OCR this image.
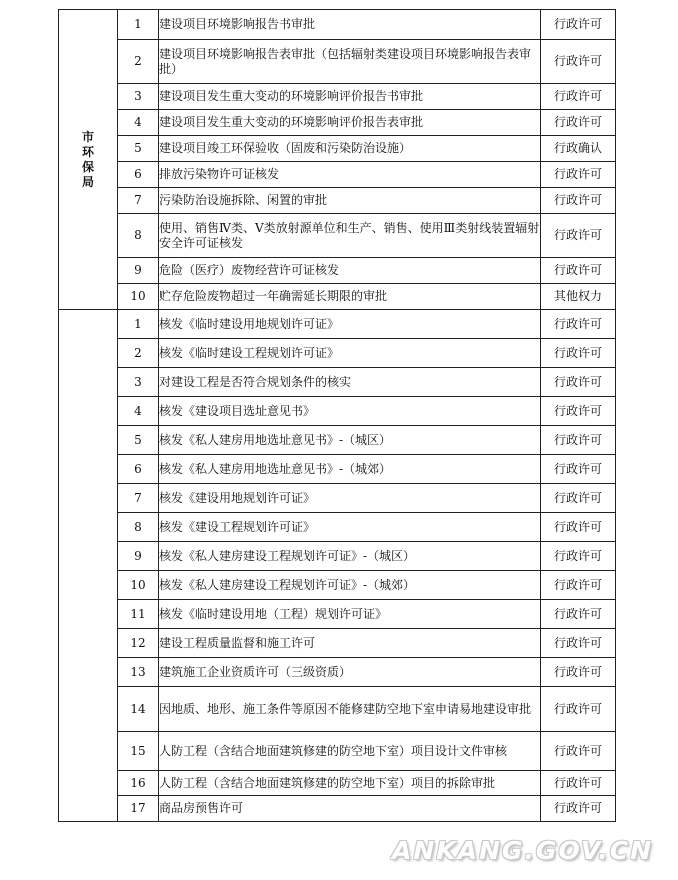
市环保局	1	建设项目环境影响报告书审批	行政许可
	2	建设项目环境影响报告表审批（包括辐射类建设项目环境影响报告表审批）	行政许可
	3	建设项目发生重大变动的环境影响评价报告书审批	行政许可
	4	建设项目发生重大变动的环境影响评价报告表审批	行政许可
	5	建设项目竣工环保验收（固废和污染防治设施）	行政确认
	6	排放污染物许可证核发	行政许可
	7	污染防治设施拆除、闲置的审批	行政许可
	8	使用、销售Ⅳ类、Ⅴ类放射源单位和生产、销售、使用Ⅲ类射线装置辐射安全许可证核发	行政许可
	9	危险（医疗）废物经营许可证核发	行政许可
	10	贮存危险废物超过一年确需延长期限的审批	其他权力
	1	核发《临时建设用地规划许可证》	行政许可
	2	核发《临时建设工程规划许可证》	行政许可
	3	对建设工程是否符合规划条件的核实	行政许可
	4	核发《建设项目选址意见书》	行政许可
	5	核发《私人建房用地选址意见书》-（城区）	行政许可
	6	核发《私人建房用地选址意见书》-（城郊）	行政许可
	7	核发《建设用地规划许可证》	行政许可
	8	核发《建设工程规划许可证》	行政许可
	9	核发《私人建房建设工程规划许可证》-（城区）	行政许可
	10	核发《私人建房建设工程规划许可证》-（城郊）	行政许可
	11	核发《临时建设用地（工程）规划许可证》	行政许可
	12	建设工程质量监督和施工许可	行政许可
	13	建筑施工企业资质许可（三级资质）	行政许可
	14	因地质、地形、施工条件等原因不能修建防空地下室申请易地建设审批	行政许可
	15	人防工程（含结合地面建筑修建的防空地下室）项目设计文件审核	行政许可
	16	人防工程（含结合地面建筑修建的防空地下室）项目的拆除审批	行政许可
	17	商品房预售许可	行政许可
ANKANG.GOV.CN
